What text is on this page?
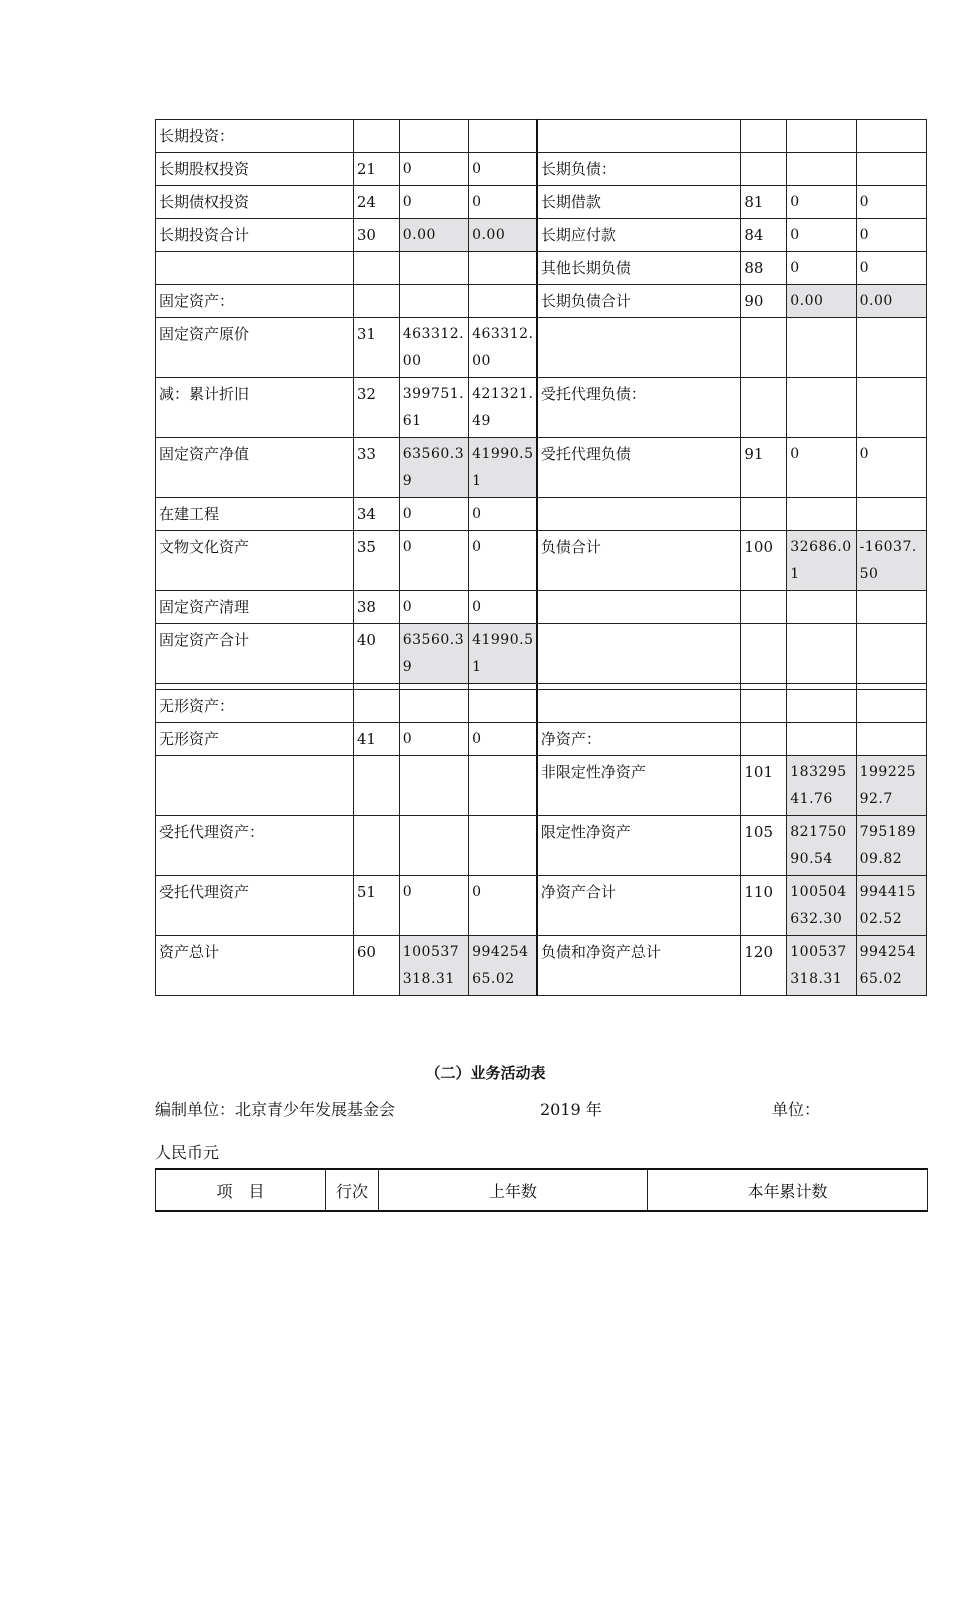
长期投资：							
长期股权投资	21	0	0	长期负债：			
长期债权投资	24	0	0	长期借款	81	0	0
长期投资合计	30	0.00	0.00	长期应付款	84	0	0
				其他长期负债	88	0	0
固定资产：				长期负债合计	90	0.00	0.00
固定资产原价	31	463312.00	463312.00				
减：累计折旧	32	399751.61	421321.49	受托代理负债：			
固定资产净值	33	63560.39	41990.51	受托代理负债	91	0	0
在建工程	34	0	0				
文物文化资产	35	0	0	负债合计	100	32686.01	-16037.50
固定资产清理	38	0	0				
固定资产合计	40	63560.39	41990.51				

无形资产：							
无形资产	41	0	0	净资产：			
				非限定性净资产	101	18329541.76	19922592.7
受托代理资产：				限定性净资产	105	82175090.54	79518909.82
受托代理资产	51	0	0	净资产合计	110	100504632.30	99441502.52
资产总计	60	100537318.31	99425465.02	负债和净资产总计	120	100537318.31	99425465.02
（二）业务活动表
编制单位：北京青少年发展基金会	2019 年	单位：
人民币元
项　目	行次	上年数	本年累计数
